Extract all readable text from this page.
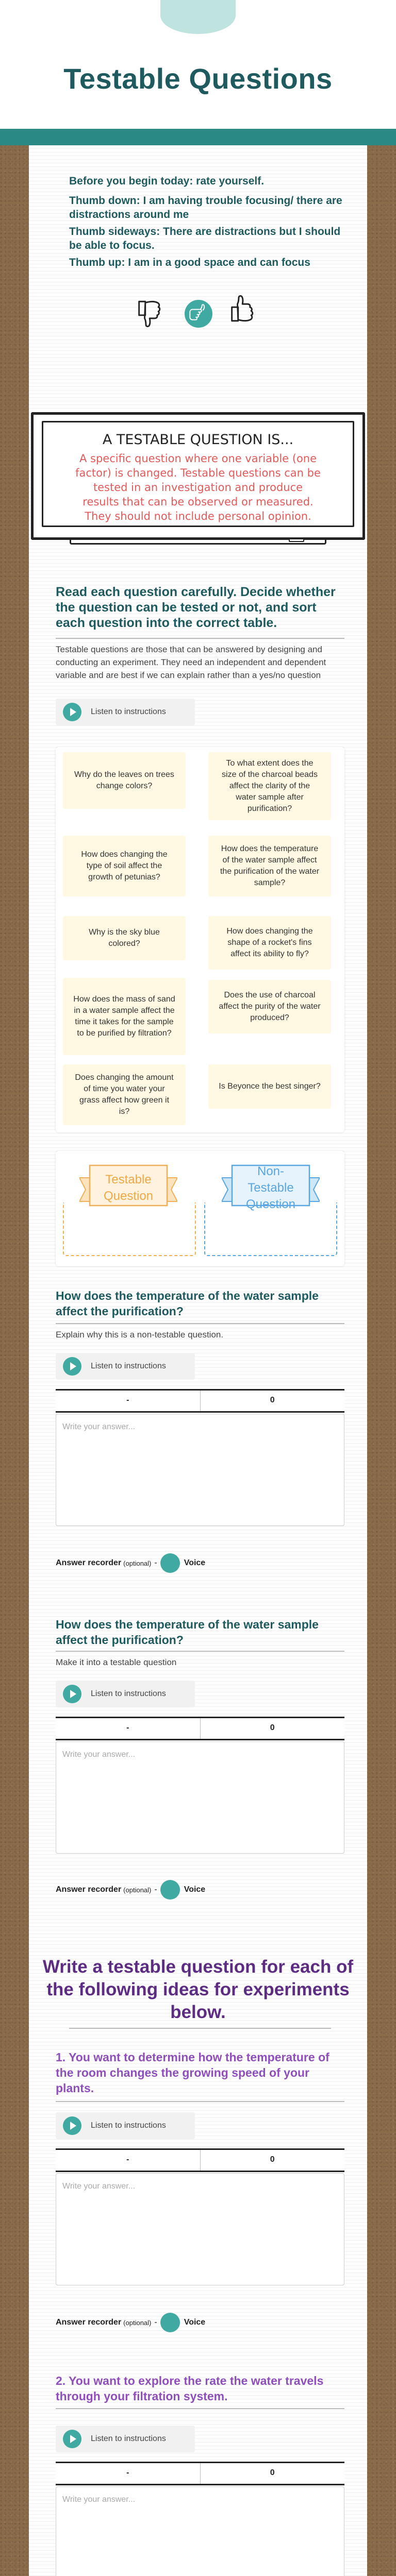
Testable Questions
Before you begin today: rate yourself.
Thumb down: I am having trouble focusing/ there are distractions around me
Thumb sideways: There are distractions but I should be able to focus.
Thumb up: I am in a good space and can focus
A TESTABLE QUESTION IS...
A specific question where one variable (one factor) is changed. Testable questions can be tested in an investigation and produce results that can be observed or measured. They should not include personal opinion.
Read each question carefully. Decide whether the question can be tested or not, and sort each question into the correct table.
Testable questions are those that can be answered by designing and conducting an experiment. They need an independent and dependent variable and are best if we can explain rather than a yes/no question
Listen to instructions
Why do the leaves on trees change colors?
To what extent does the size of the charcoal beads affect the clarity of the water sample after purification?
How does changing the type of soil affect the growth of petunias?
How does the temperature of the water sample affect the purification of the water sample?
Why is the sky blue colored?
How does changing the shape of a rocket's fins affect its ability to fly?
How does the mass of sand in a water sample affect the time it takes for the sample to be purified by filtration?
Does the use of charcoal affect the purity of the water produced?
Does changing the amount of time you water your grass affect how green it is?
Is Beyonce the best singer?
Testable Question
Non-Testable Question
How does the temperature of the water sample affect the purification?
Explain why this is a non-testable question.
Listen to instructions
-	0
Write your answer...
Answer recorder (optional) -	Voice
How does the temperature of the water sample affect the purification?
Make it into a testable question
Listen to instructions
-	0
Write your answer...
Answer recorder (optional) -	Voice
Write a testable question for each of the following ideas for experiments below.
1. You want to determine how the temperature of the room changes the growing speed of your plants.
Listen to instructions
-	0
Write your answer...
Answer recorder (optional) -	Voice
2. You want to explore the rate the water travels through your filtration system.
Listen to instructions
-	0
Write your answer...
